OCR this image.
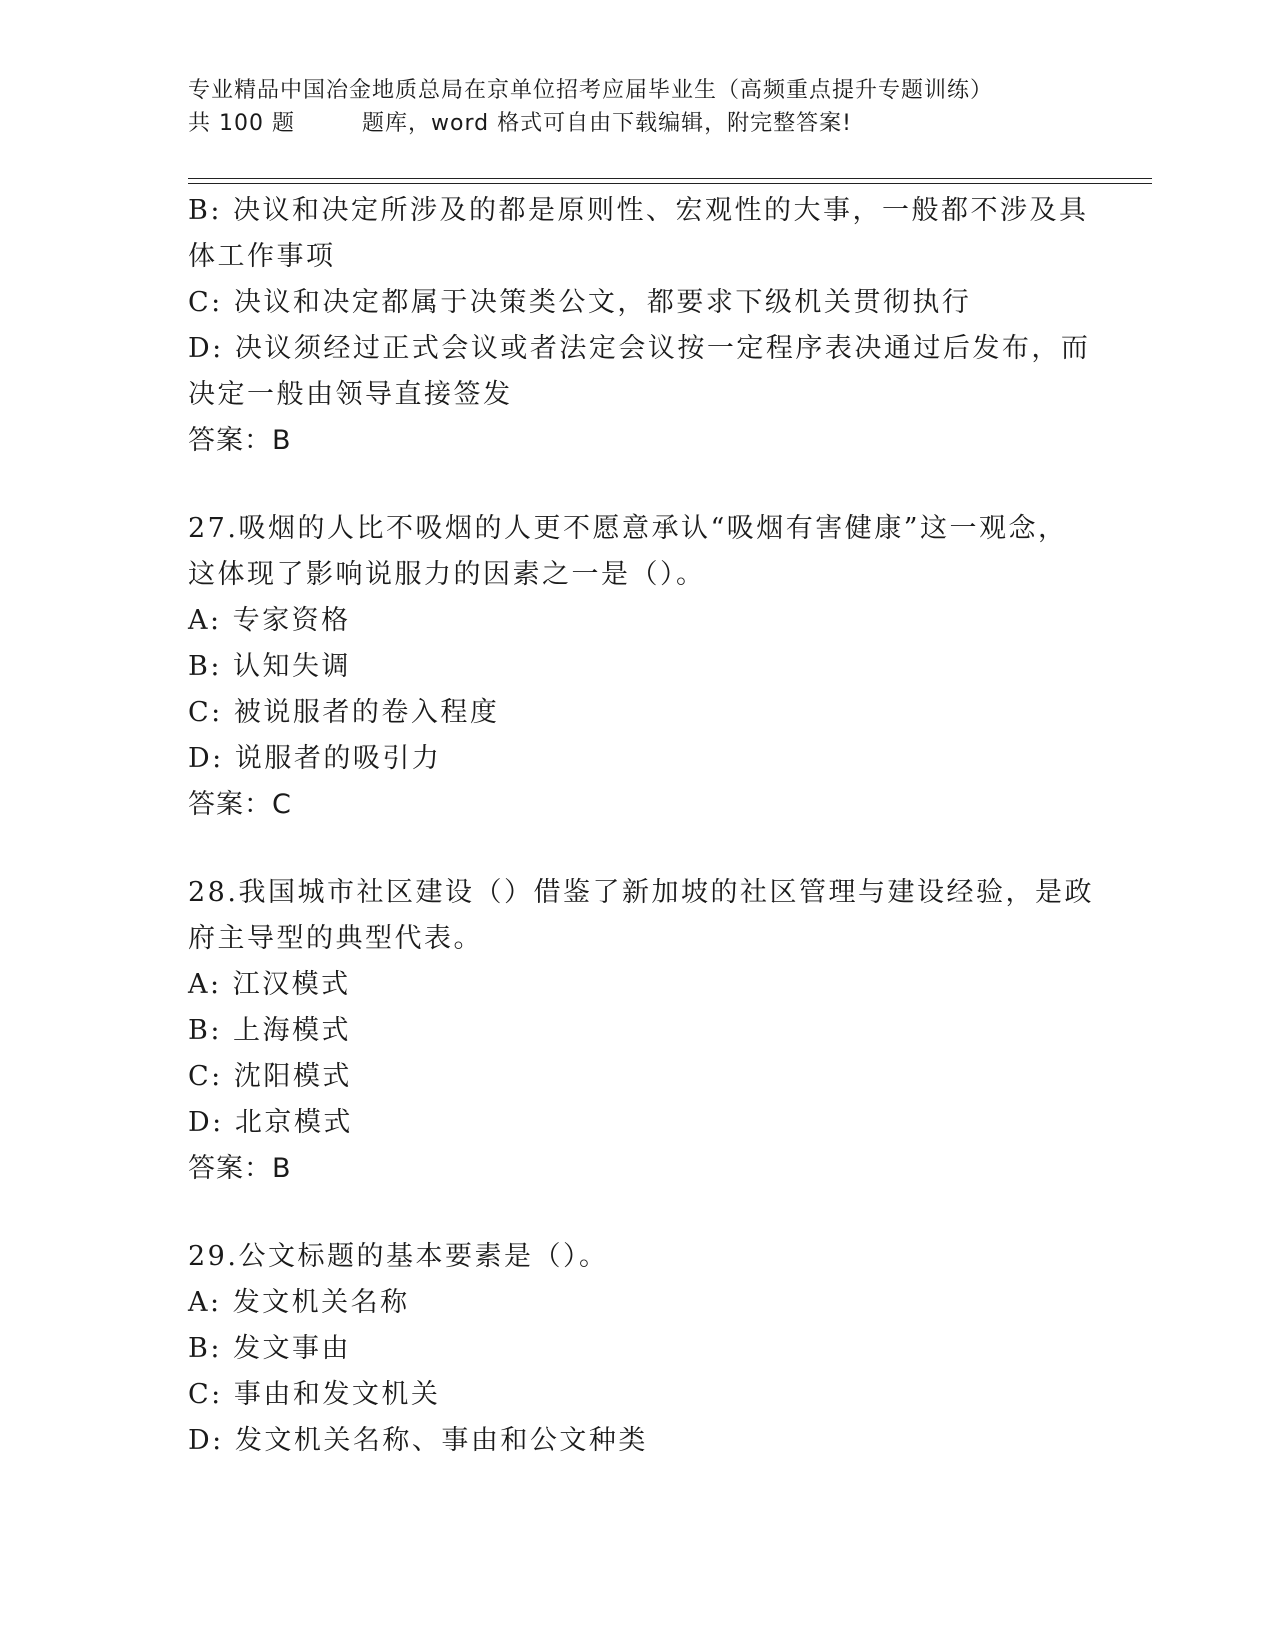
专业精品中国冶金地质总局在京单位招考应届毕业生（高频重点提升专题训练）
共 100 题	题库，word 格式可自由下载编辑，附完整答案!
B: 决议和决定所涉及的都是原则性、宏观性的大事，一般都不涉及具
体工作事项
C: 决议和决定都属于决策类公文，都要求下级机关贯彻执行
D: 决议须经过正式会议或者法定会议按一定程序表决通过后发布，而
决定一般由领导直接签发
答案：B
27.吸烟的人比不吸烟的人更不愿意承认“吸烟有害健康”这一观念，
这体现了影响说服力的因素之一是（）。
A: 专家资格
B: 认知失调
C: 被说服者的卷入程度
D: 说服者的吸引力
答案：C
28.我国城市社区建设（）借鉴了新加坡的社区管理与建设经验，是政
府主导型的典型代表。
A: 江汉模式
B: 上海模式
C: 沈阳模式
D: 北京模式
答案：B
29.公文标题的基本要素是（）。
A: 发文机关名称
B: 发文事由
C: 事由和发文机关
D: 发文机关名称、事由和公文种类
